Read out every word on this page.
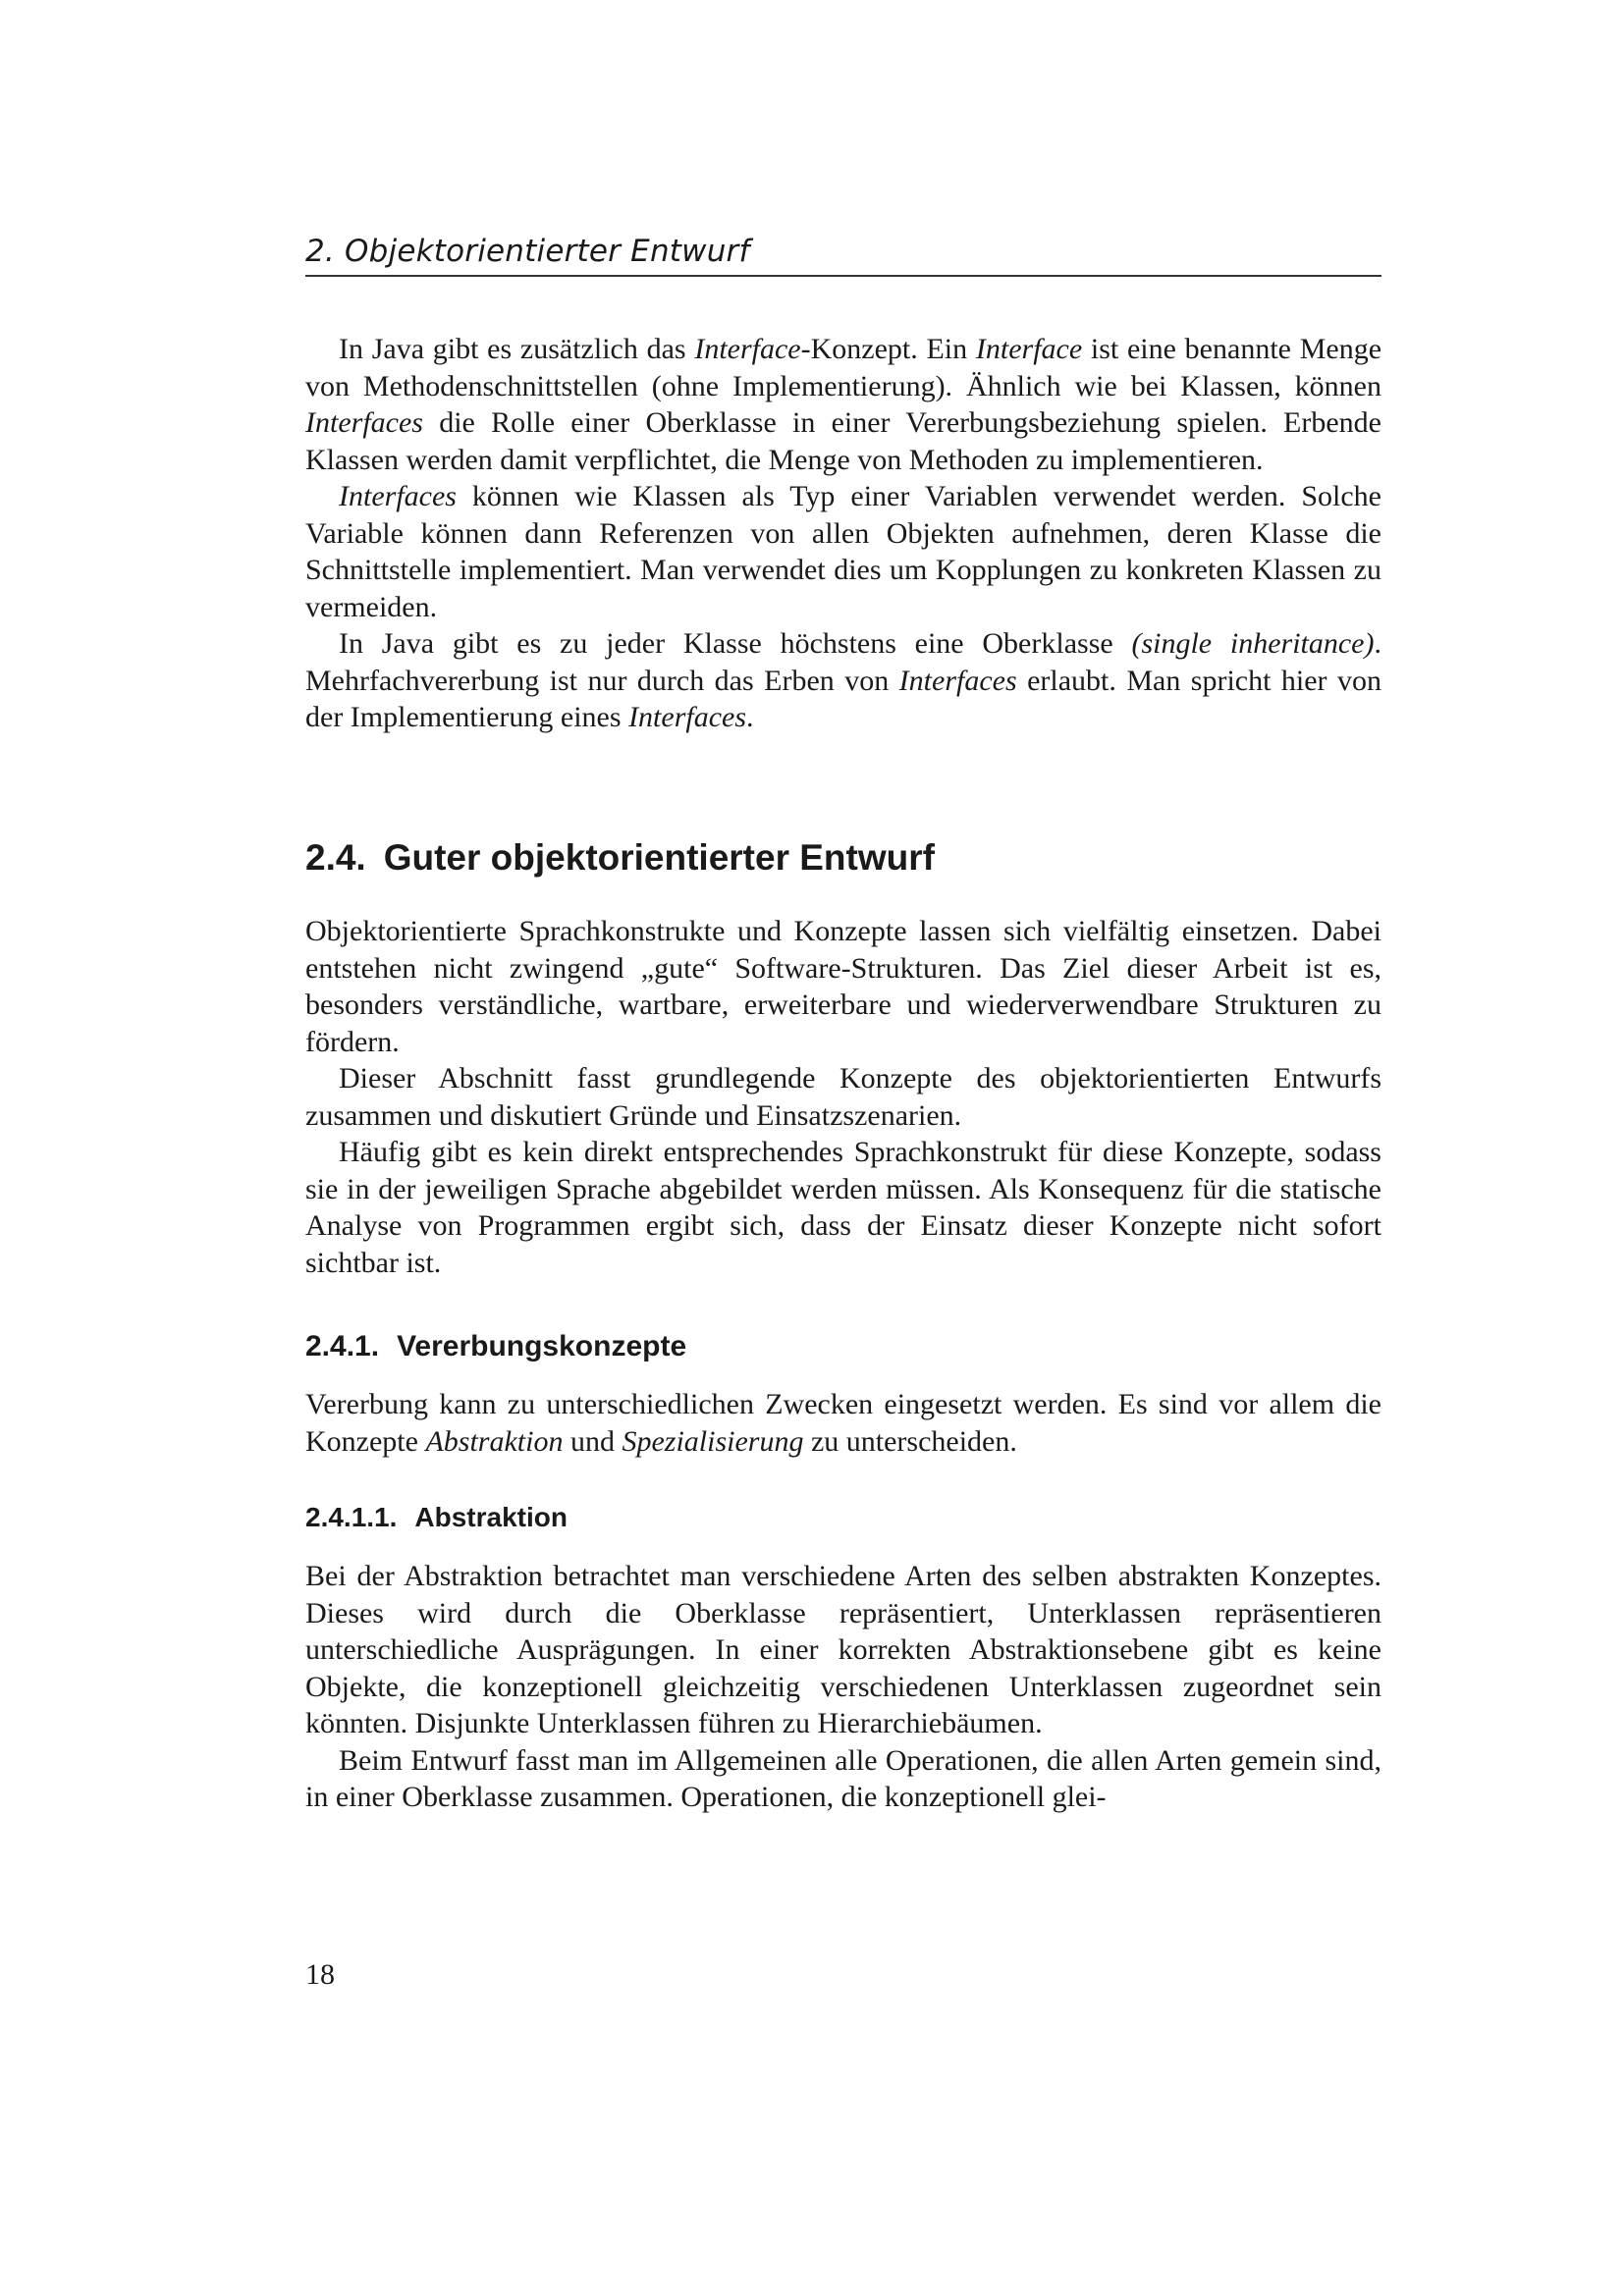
2. Objektorientierter Entwurf

In Java gibt es zusätzlich das Interface-Konzept. Ein Interface ist eine benannte Menge von Methodenschnittstellen (ohne Implementierung). Ähnlich wie bei Klassen, können Interfaces die Rolle einer Oberklasse in einer Vererbungsbeziehung spielen. Erbende Klassen werden damit verpflichtet, die Menge von Methoden zu implementieren.

Interfaces können wie Klassen als Typ einer Variablen verwendet werden. Solche Variable können dann Referenzen von allen Objekten aufnehmen, deren Klasse die Schnittstelle implementiert. Man verwendet dies um Kopplungen zu konkreten Klassen zu vermeiden.

In Java gibt es zu jeder Klasse höchstens eine Oberklasse (single inheritance). Mehrfachvererbung ist nur durch das Erben von Interfaces erlaubt. Man spricht hier von der Implementierung eines Interfaces.

2.4. Guter objektorientierter Entwurf

Objektorientierte Sprachkonstrukte und Konzepte lassen sich vielfältig einsetzen. Dabei entstehen nicht zwingend „gute“ Software-Strukturen. Das Ziel dieser Arbeit ist es, besonders verständliche, wartbare, erweiterbare und wiederverwendbare Strukturen zu fördern.

Dieser Abschnitt fasst grundlegende Konzepte des objektorientierten Entwurfs zusammen und diskutiert Gründe und Einsatzszenarien.

Häufig gibt es kein direkt entsprechendes Sprachkonstrukt für diese Konzepte, sodass sie in der jeweiligen Sprache abgebildet werden müssen. Als Konsequenz für die statische Analyse von Programmen ergibt sich, dass der Einsatz dieser Konzepte nicht sofort sichtbar ist.

2.4.1. Vererbungskonzepte

Vererbung kann zu unterschiedlichen Zwecken eingesetzt werden. Es sind vor allem die Konzepte Abstraktion und Spezialisierung zu unterscheiden.

2.4.1.1. Abstraktion

Bei der Abstraktion betrachtet man verschiedene Arten des selben abstrakten Konzeptes. Dieses wird durch die Oberklasse repräsentiert, Unterklassen repräsentieren unterschiedliche Ausprägungen. In einer korrekten Abstraktionsebene gibt es keine Objekte, die konzeptionell gleichzeitig verschiedenen Unterklassen zugeordnet sein könnten. Disjunkte Unterklassen führen zu Hierarchiebäumen.

Beim Entwurf fasst man im Allgemeinen alle Operationen, die allen Arten gemein sind, in einer Oberklasse zusammen. Operationen, die konzeptionell glei-

18
